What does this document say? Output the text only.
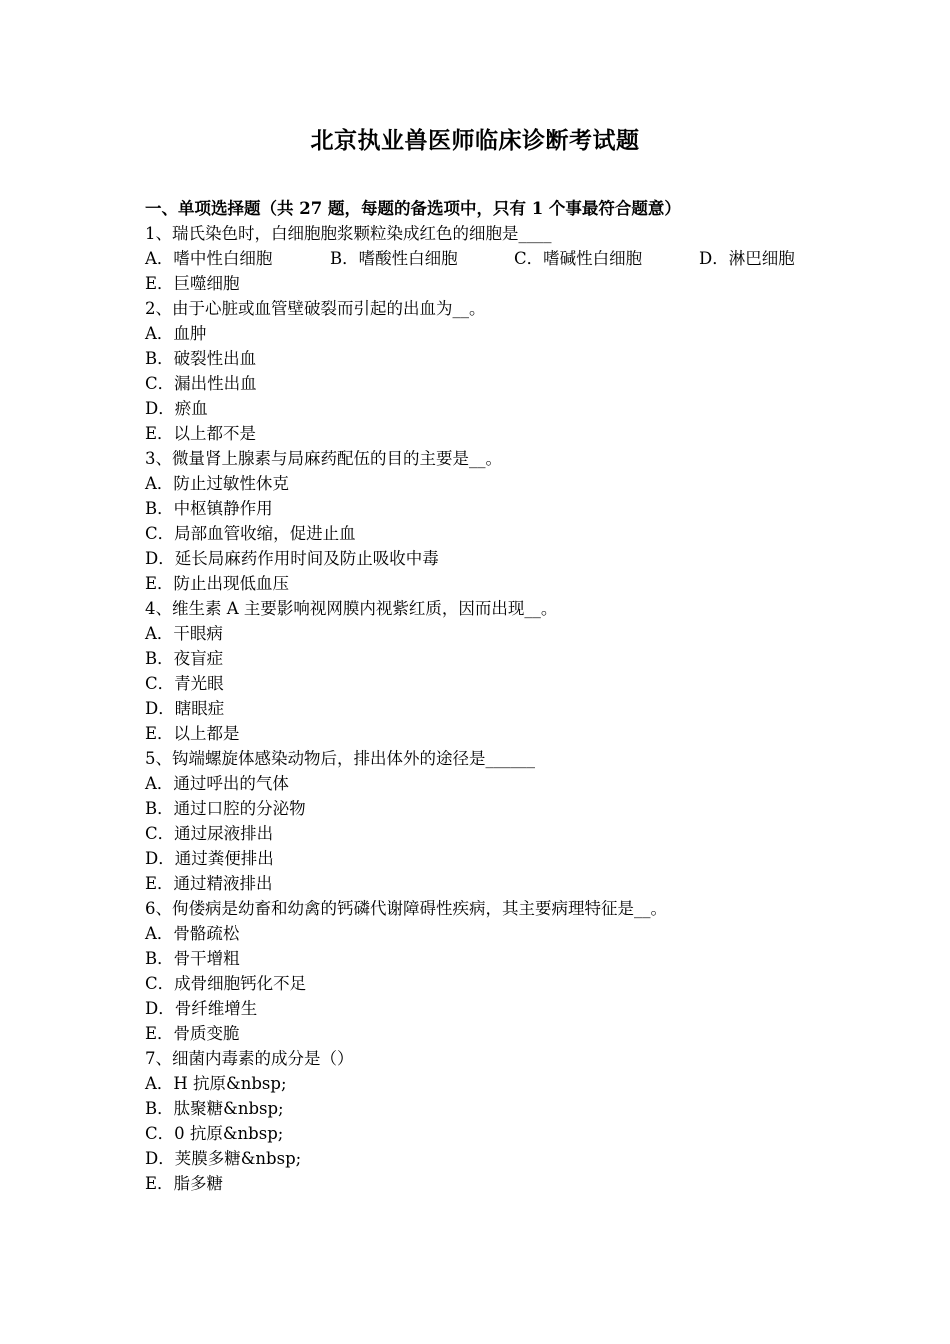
北京执业兽医师临床诊断考试题
一、单项选择题（共 27 题，每题的备选项中，只有 1 个事最符合题意）
1、瑞氏染色时，白细胞胞浆颗粒染成红色的细胞是____
A．嗜中性白细胞	B．嗜酸性白细胞	C．嗜碱性白细胞	D．淋巴细胞
E．巨噬细胞
2、由于心脏或血管壁破裂而引起的出血为__。
A．血肿
B．破裂性出血
C．漏出性出血
D．瘀血
E．以上都不是
3、微量肾上腺素与局麻药配伍的目的主要是__。
A．防止过敏性休克
B．中枢镇静作用
C．局部血管收缩，促进止血
D．延长局麻药作用时间及防止吸收中毒
E．防止出现低血压
4、维生素 A 主要影响视网膜内视紫红质，因而出现__。
A．干眼病
B．夜盲症
C．青光眼
D．瞎眼症
E．以上都是
5、钩端螺旋体感染动物后，排出体外的途径是______
A．通过呼出的气体
B．通过口腔的分泌物
C．通过尿液排出
D．通过粪便排出
E．通过精液排出
6、佝偻病是幼畜和幼禽的钙磷代谢障碍性疾病，其主要病理特征是__。
A．骨骼疏松
B．骨干增粗
C．成骨细胞钙化不足
D．骨纤维增生
E．骨质变脆
7、细菌内毒素的成分是（）
A．H 抗原&nbsp;
B．肽聚糖&nbsp;
C．0 抗原&nbsp;
D．荚膜多糖&nbsp;
E．脂多糖
